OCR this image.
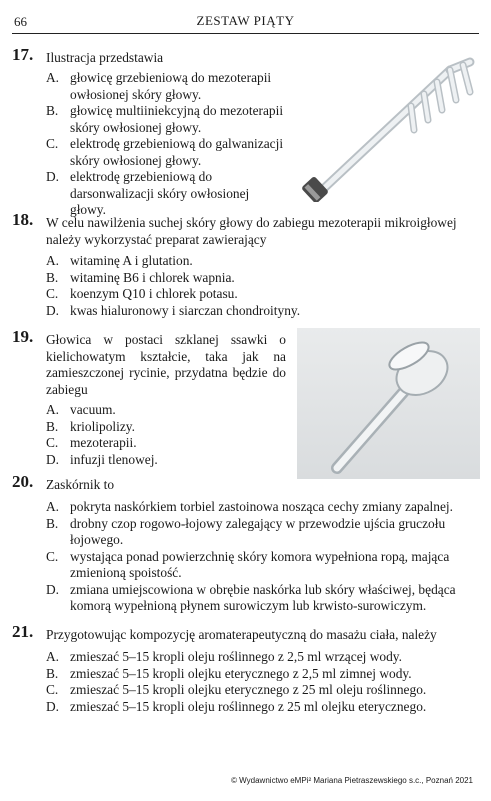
66	ZESTAW PIĄTY
17. Ilustracja przedstawia
A. głowicę grzebieniową do mezoterapii owłosionej skóry głowy.
B. głowicę multiiniekcyjną do mezoterapii skóry owłosionej głowy.
C. elektrodę grzebieniową do galwanizacji skóry owłosionej głowy.
D. elektrodę grzebieniową do darsonwalizacji skóry owłosionej głowy.
18. W celu nawilżenia suchej skóry głowy do zabiegu mezoterapii mikroigłowej należy wykorzystać preparat zawierający
A. witaminę A i glutation.
B. witaminę B6 i chlorek wapnia.
C. koenzym Q10 i chlorek potasu.
D. kwas hialuronowy i siarczan chondroityny.
19. Głowica w postaci szklanej ssawki o kielichowatym kształcie, taka jak na zamieszczonej rycinie, przydatna będzie do zabiegu
A. vacuum.
B. kriolipolizy.
C. mezoterapii.
D. infuzji tlenowej.
20. Zaskórnik to
A. pokryta naskórkiem torbiel zastoinowa nosząca cechy zmiany zapalnej.
B. drobny czop rogowo-łojowy zalegający w przewodzie ujścia gruczołu łojowego.
C. wystająca ponad powierzchnię skóry komora wypełniona ropą, mająca zmienioną spoistość.
D. zmiana umiejscowiona w obrębie naskórka lub skóry właściwej, będąca komorą wypełnioną płynem surowiczym lub krwisto-surowiczym.
21. Przygotowując kompozycję aromaterapeutyczną do masażu ciała, należy
A. zmieszać 5–15 kropli oleju roślinnego z 2,5 ml wrzącej wody.
B. zmieszać 5–15 kropli olejku eterycznego z 2,5 ml zimnej wody.
C. zmieszać 5–15 kropli olejku eterycznego z 25 ml oleju roślinnego.
D. zmieszać 5–15 kropli oleju roślinnego z 25 ml olejku eterycznego.
© Wydawnictwo eMPi² Mariana Pietraszewskiego s.c., Poznań 2021
